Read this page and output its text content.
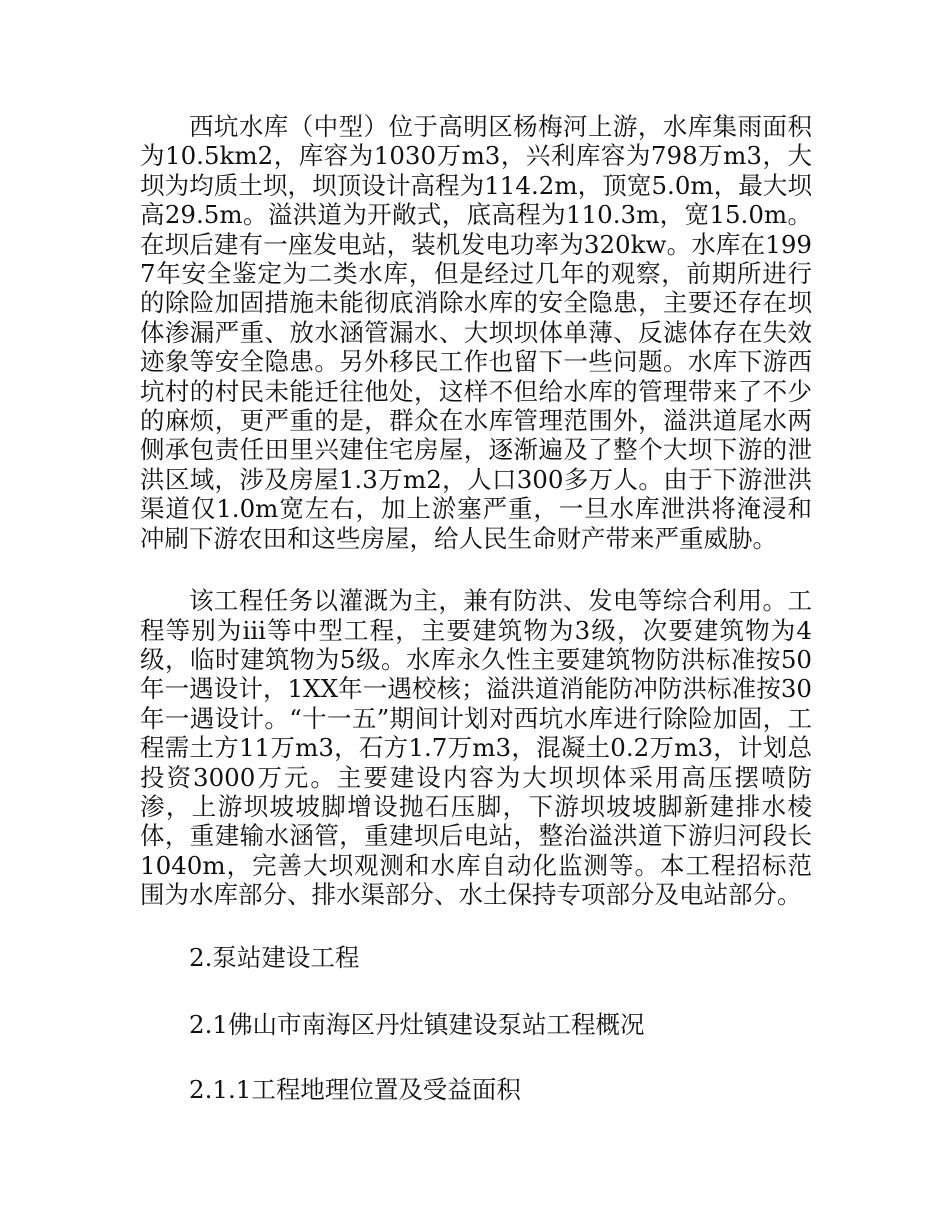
西坑水库（中型）位于高明区杨梅河上游，水库集雨面积为10.5km2，库容为1030万m3，兴利库容为798万m3，大坝为均质土坝，坝顶设计高程为114.2m，顶宽5.0m，最大坝高29.5m。溢洪道为开敞式，底高程为110.3m，宽15.0m。在坝后建有一座发电站，装机发电功率为320kw。水库在1997年安全鉴定为二类水库，但是经过几年的观察，前期所进行的除险加固措施未能彻底消除水库的安全隐患，主要还存在坝体渗漏严重、放水涵管漏水、大坝坝体单薄、反滤体存在失效迹象等安全隐患。另外移民工作也留下一些问题。水库下游西坑村的村民未能迁往他处，这样不但给水库的管理带来了不少的麻烦，更严重的是，群众在水库管理范围外，溢洪道尾水两侧承包责任田里兴建住宅房屋，逐渐遍及了整个大坝下游的泄洪区域，涉及房屋1.3万m2，人口300多万人。由于下游泄洪渠道仅1.0m宽左右，加上淤塞严重，一旦水库泄洪将淹浸和冲刷下游农田和这些房屋，给人民生命财产带来严重威胁。

该工程任务以灌溉为主，兼有防洪、发电等综合利用。工程等别为iii等中型工程，主要建筑物为3级，次要建筑物为4级，临时建筑物为5级。水库永久性主要建筑物防洪标准按50年一遇设计，1XX年一遇校核；溢洪道消能防冲防洪标准按30年一遇设计。“十一五”期间计划对西坑水库进行除险加固，工程需土方11万m3，石方1.7万m3，混凝土0.2万m3，计划总投资3000万元。主要建设内容为大坝坝体采用高压摆喷防渗，上游坝坡坡脚增设抛石压脚，下游坝坡坡脚新建排水棱体，重建输水涵管，重建坝后电站，整治溢洪道下游归河段长1040m，完善大坝观测和水库自动化监测等。本工程招标范围为水库部分、排水渠部分、水土保持专项部分及电站部分。

2.泵站建设工程

2.1佛山市南海区丹灶镇建设泵站工程概况

2.1.1工程地理位置及受益面积
